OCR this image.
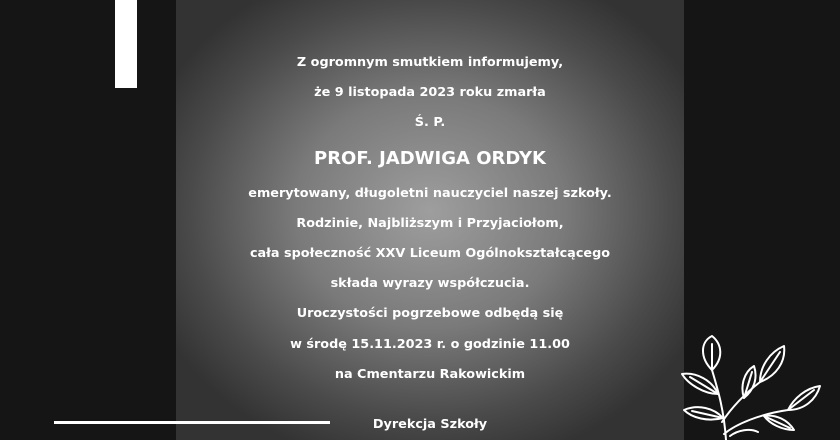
Z ogromnym smutkiem informujemy,
że 9 listopada 2023 roku zmarła
Ś. P.
PROF. JADWIGA ORDYK
emerytowany, długoletni nauczyciel naszej szkoły.
Rodzinie, Najbliższym i Przyjaciołom,
cała społeczność XXV Liceum Ogólnokształcącego
składa wyrazy współczucia.
Uroczystości pogrzebowe odbędą się
w środę 15.11.2023 r. o godzinie 11.00
na Cmentarzu Rakowickim
Dyrekcja Szkoły
